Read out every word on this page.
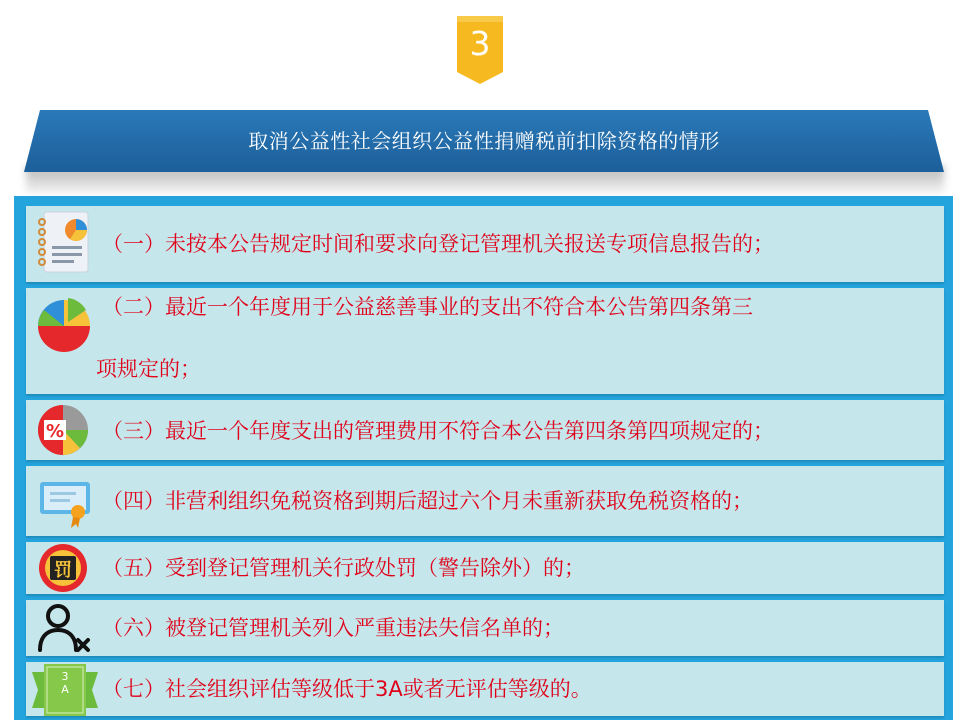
3
取消公益性社会组织公益性捐赠税前扣除资格的情形
（一）未按本公告规定时间和要求向登记管理机关报送专项信息报告的；
（二）最近一个年度用于公益慈善事业的支出不符合本公告第四条第三
项规定的；
% （三）最近一个年度支出的管理费用不符合本公告第四条第四项规定的；
（四）非营利组织免税资格到期后超过六个月未重新获取免税资格的；
罚 （五）受到登记管理机关行政处罚（警告除外）的；
（六）被登记管理机关列入严重违法失信名单的；
3
A	（七）社会组织评估等级低于3A或者无评估等级的。
